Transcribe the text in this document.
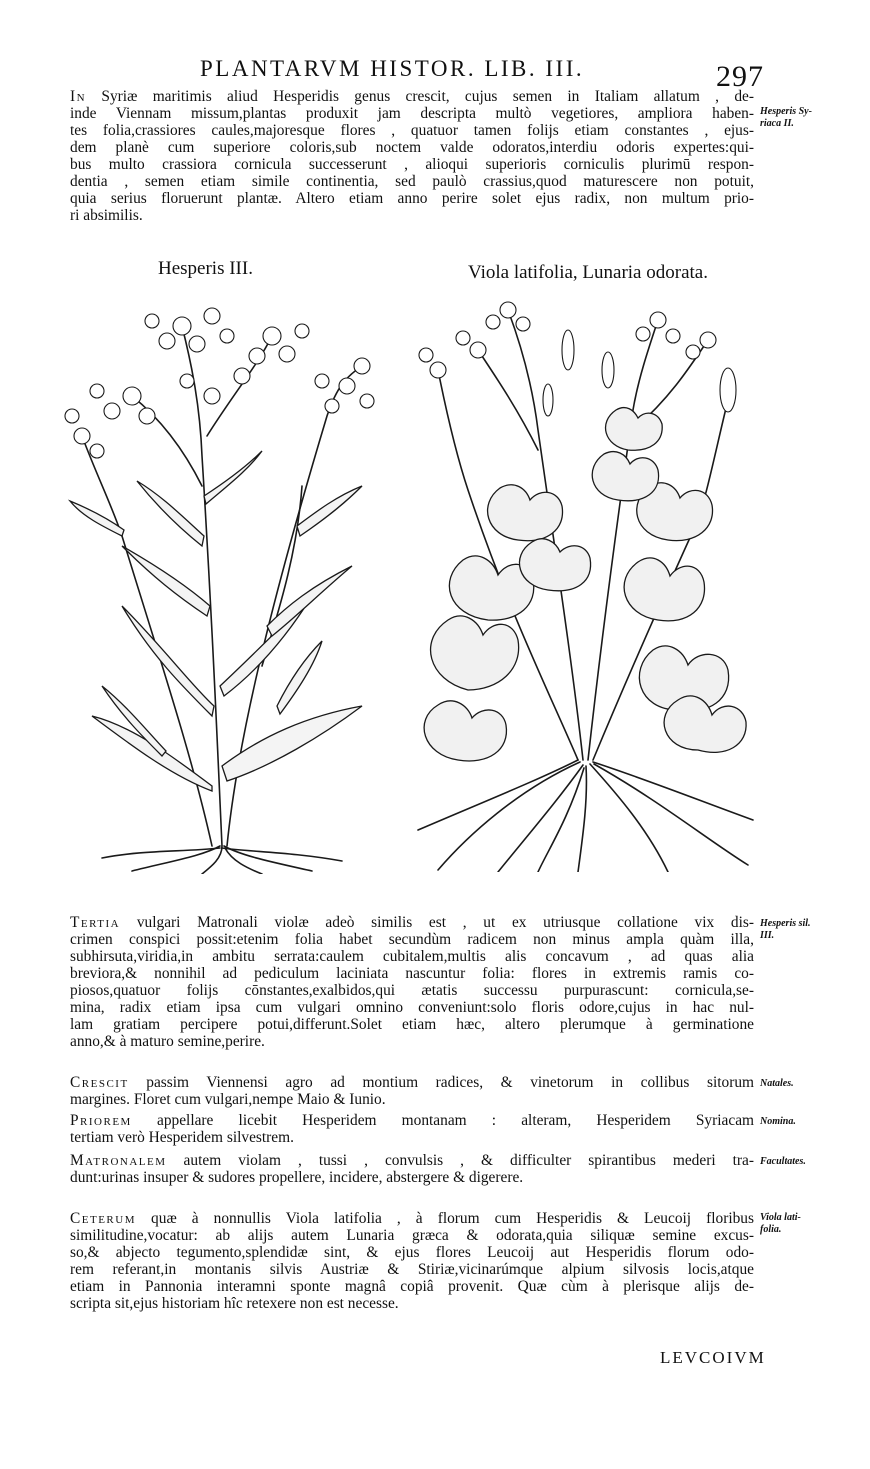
PLANTARVM HISTOR. LIB. III.	297
In Syriæ maritimis aliud Hesperidis genus crescit, cujus semen in Italiam allatum , de-
inde Viennam missum,plantas produxit jam descripta multò vegetiores, ampliora haben-
tes folia,crassiores caules,majoresque flores , quatuor tamen folijs etiam constantes , ejus-
dem planè cum superiore coloris,sub noctem valde odoratos,interdiu odoris expertes:qui-
bus multo crassiora cornicula successerunt , alioqui superioris corniculis plurimū respon-
dentia , semen etiam simile continentia, sed paulò crassius,quod maturescere non potuit,
quia serius floruerunt plantæ. Altero etiam anno perire solet ejus radix, non multum prio-
ri absimilis.
Hesperis III.	Viola latifolia, Lunaria odorata.
Tertia vulgari Matronali violæ adeò similis est , ut ex utriusque collatione vix dis-
crimen conspici possit:etenim folia habet secundùm radicem non minus ampla quàm illa,
subhirsuta,viridia,in ambitu serrata:caulem cubitalem,multis alis concavum , ad quas alia
breviora,& nonnihil ad pediculum laciniata nascuntur folia: flores in extremis ramis co-
piosos,quatuor folijs cōnstantes,exalbidos,qui ætatis successu purpurascunt: cornicula,se-
mina, radix etiam ipsa cum vulgari omnino conveniunt:solo floris odore,cujus in hac nul-
lam gratiam percipere potui,differunt.Solet etiam hæc, altero plerumque à germinatione
anno,& à maturo semine,perire.
Crescit passim Viennensi agro ad montium radices, & vinetorum in collibus sitorum
margines. Floret cum vulgari,nempe Maio & Iunio.
Priorem appellare licebit Hesperidem montanam : alteram, Hesperidem Syriacam
tertiam verò Hesperidem silvestrem.
Matronalem autem violam , tussi , convulsis , & difficulter spirantibus mederi tra-
dunt:urinas insuper & sudores propellere, incidere, abstergere & digerere.
Ceterum quæ à nonnullis Viola latifolia , à florum cum Hesperidis & Leucoij floribus
similitudine,vocatur: ab alijs autem Lunaria græca & odorata,quia siliquæ semine excus-
so,& abjecto tegumento,splendidæ sint, & ejus flores Leucoij aut Hesperidis florum odo-
rem referant,in montanis silvis Austriæ & Stiriæ,vicinarúmque alpium silvosis locis,atque
etiam in Pannonia interamni sponte magnâ copiâ provenit. Quæ cùm à plerisque alijs de-
scripta sit,ejus historiam hîc retexere non est necesse.
Hesperis Sy-
riaca II.
Hesperis sil.
III.
Natales.
Nomina.
Facultates.
Viola lati-
folia.
LEVCOIVM
